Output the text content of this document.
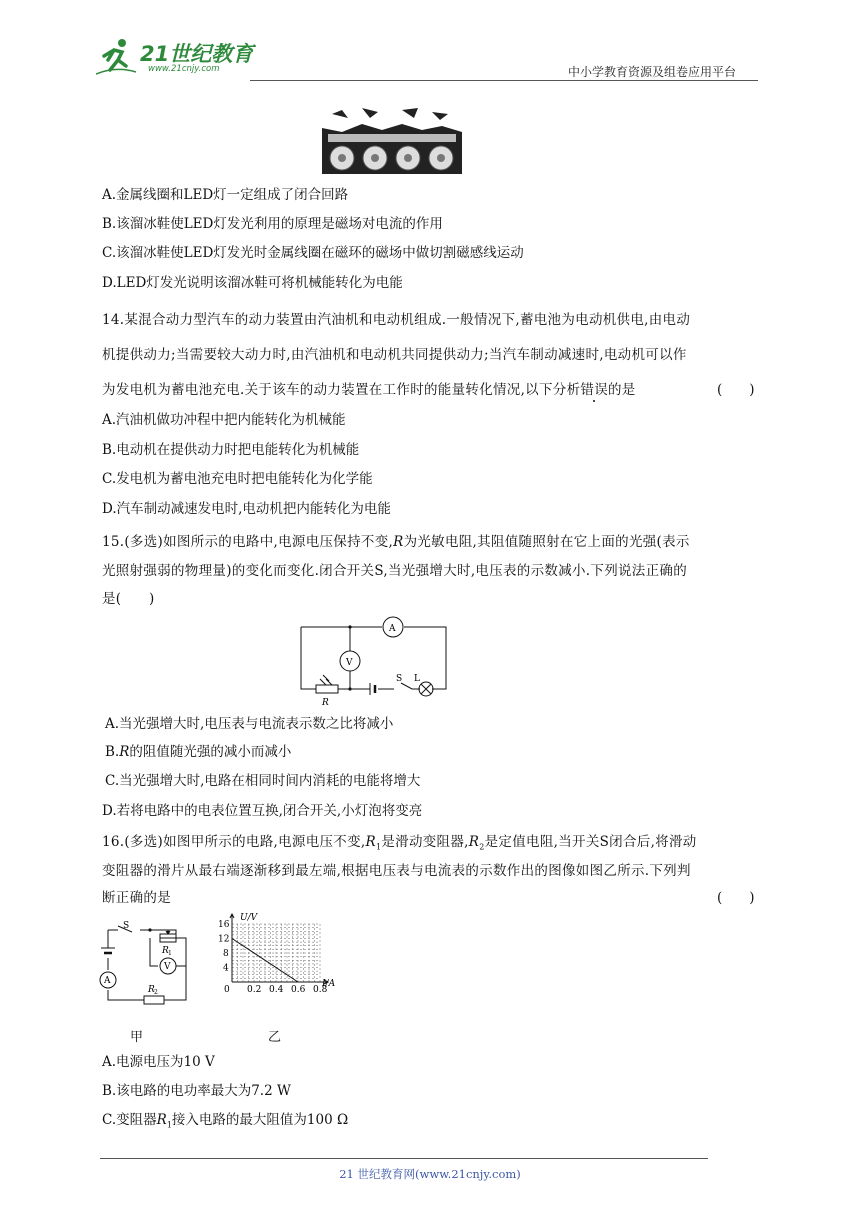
21世纪教育
www.21cnjy.com	中小学教育资源及组卷应用平台
A.金属线圈和LED灯一定组成了闭合回路
B.该溜冰鞋使LED灯发光利用的原理是磁场对电流的作用
C.该溜冰鞋使LED灯发光时金属线圈在磁环的磁场中做切割磁感线运动
D.LED灯发光说明该溜冰鞋可将机械能转化为电能
14.某混合动力型汽车的动力装置由汽油机和电动机组成.一般情况下,蓄电池为电动机供电,由电动
机提供动力;当需要较大动力时,由汽油机和电动机共同提供动力;当汽车制动减速时,电动机可以作
为发电机为蓄电池充电.关于该车的动力装置在工作时的能量转化情况,以下分析错误的是	(　　)
A.汽油机做功冲程中把内能转化为机械能
B.电动机在提供动力时把电能转化为机械能
C.发电机为蓄电池充电时把电能转化为化学能
D.汽车制动减速发电时,电动机把内能转化为电能
15.(多选)如图所示的电路中,电源电压保持不变,R为光敏电阻,其阻值随照射在它上面的光强(表示
光照射强弱的物理量)的变化而变化.闭合开关S,当光强增大时,电压表的示数减小.下列说法正确的
是(　　)
A
V
R
S L
A.当光强增大时,电压表与电流表示数之比将减小
B.R的阻值随光强的减小而减小
C.当光强增大时,电路在相同时间内消耗的电能将增大
D.若将电路中的电表位置互换,闭合开关,小灯泡将变亮
16.(多选)如图甲所示的电路,电源电压不变$,R_1$是滑动变阻器$,R_2$是定值电阻,当开关S闭合后,将滑动
变阻器的滑片从最右端逐渐移到最左端,根据电压表与电流表的示数作出的图像如图乙所示.下列判
断正确的是	(　　)
S
R 1
V
A
R 2
甲
0 0.2 0.4 0.6 0.8
4
8
12
16
U/V
I/A
乙
A.电源电压为10 V
B.该电路的电功率最大为7.2 W
C.变阻器$R_1$接入电路的最大阻值为100 Ω
21 世纪教育网(www.21cnjy.com)
